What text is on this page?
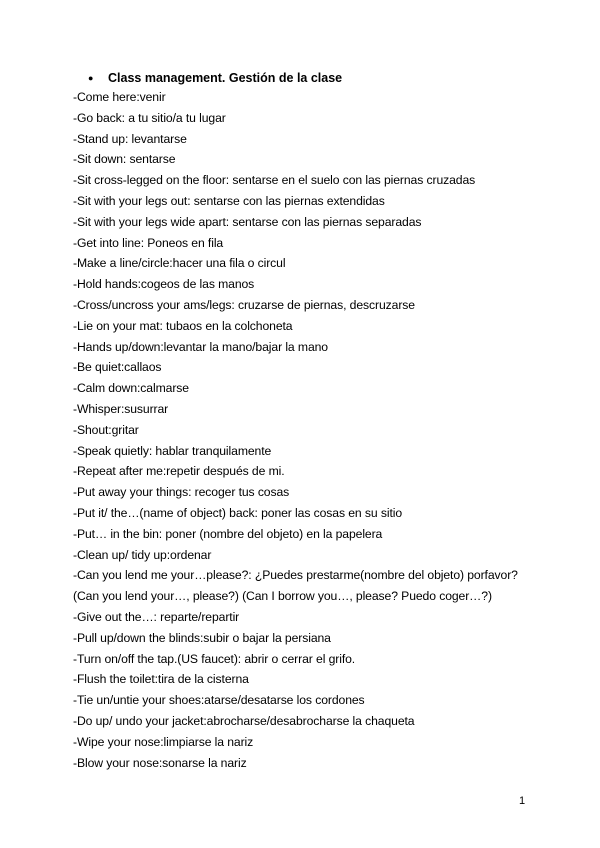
● Class management. Gestión de la clase
-Come here:venir
-Go back: a tu sitio/a tu lugar
-Stand up: levantarse
-Sit down: sentarse
-Sit cross-legged on the floor: sentarse en el suelo con las piernas cruzadas
-Sit with your legs out: sentarse con las piernas extendidas
-Sit with your legs wide apart: sentarse con las piernas separadas
-Get into line: Poneos en fila
-Make a line/circle:hacer una fila o circul
-Hold hands:cogeos de las manos
-Cross/uncross your ams/legs: cruzarse de piernas, descruzarse
-Lie on your mat: tubaos en la colchoneta
-Hands up/down:levantar la mano/bajar la mano
-Be quiet:callaos
-Calm down:calmarse
-Whisper:susurrar
-Shout:gritar
-Speak quietly: hablar tranquilamente
-Repeat after me:repetir después de mi.
-Put away your things: recoger tus cosas
-Put it/ the…(name of object) back: poner las cosas en su sitio
-Put… in the bin: poner (nombre del objeto) en la papelera
-Clean up/ tidy up:ordenar
-Can you lend me your…please?: ¿Puedes prestarme(nombre del objeto) porfavor?
(Can you lend your…, please?) (Can I borrow you…, please? Puedo coger…?)
-Give out the…: reparte/repartir
-Pull up/down the blinds:subir o bajar la persiana
-Turn on/off the tap.(US faucet): abrir o cerrar el grifo.
-Flush the toilet:tira de la cisterna
-Tie un/untie your shoes:atarse/desatarse los cordones
-Do up/ undo your jacket:abrocharse/desabrocharse la chaqueta
-Wipe your nose:limpiarse la nariz
-Blow your nose:sonarse la nariz
1
